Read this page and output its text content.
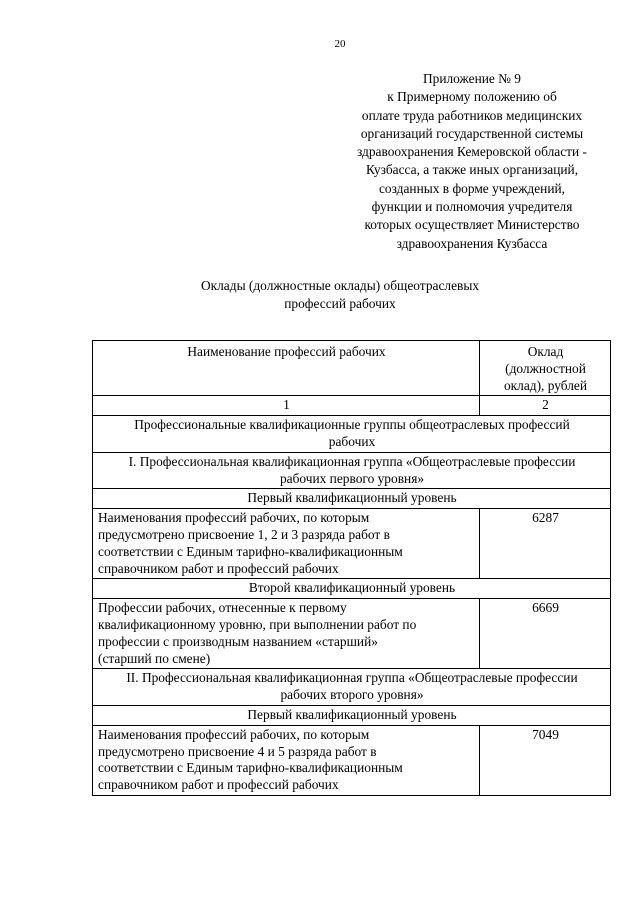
20
Приложение № 9
к Примерному положению об
оплате труда работников медицинских
организаций государственной системы
здравоохранения Кемеровской области -
Кузбасса, а также иных организаций,
созданных в форме учреждений,
функции и полномочия учредителя
которых осуществляет Министерство
здравоохранения Кузбасса
Оклады (должностные оклады) общеотраслевых
профессий рабочих
Наименование профессий рабочих	Оклад
(должностной
оклад), рублей

1	2

Профессиональные квалификационные группы общеотраслевых профессий
рабочих	

I. Профессиональная квалификационная группа «Общеотраслевые профессии
рабочих первого уровня»	

Первый квалификационный уровень	

Наименования профессий рабочих, по которым
предусмотрено присвоение 1, 2 и 3 разряда работ в
соответствии с Единым тарифно-квалификационным
справочником работ и профессий рабочих	6287
Второй квалификационный уровень	

Профессии рабочих, отнесенные к первому
квалификационному уровню, при выполнении работ по
профессии с производным названием «старший»
(старший по смене)	6669

II. Профессиональная квалификационная группа «Общеотраслевые профессии
рабочих второго уровня»	

Первый квалификационный уровень	

Наименования профессий рабочих, по которым
предусмотрено присвоение 4 и 5 разряда работ в
соответствии с Единым тарифно-квалификационным
справочником работ и профессий рабочих	7049
